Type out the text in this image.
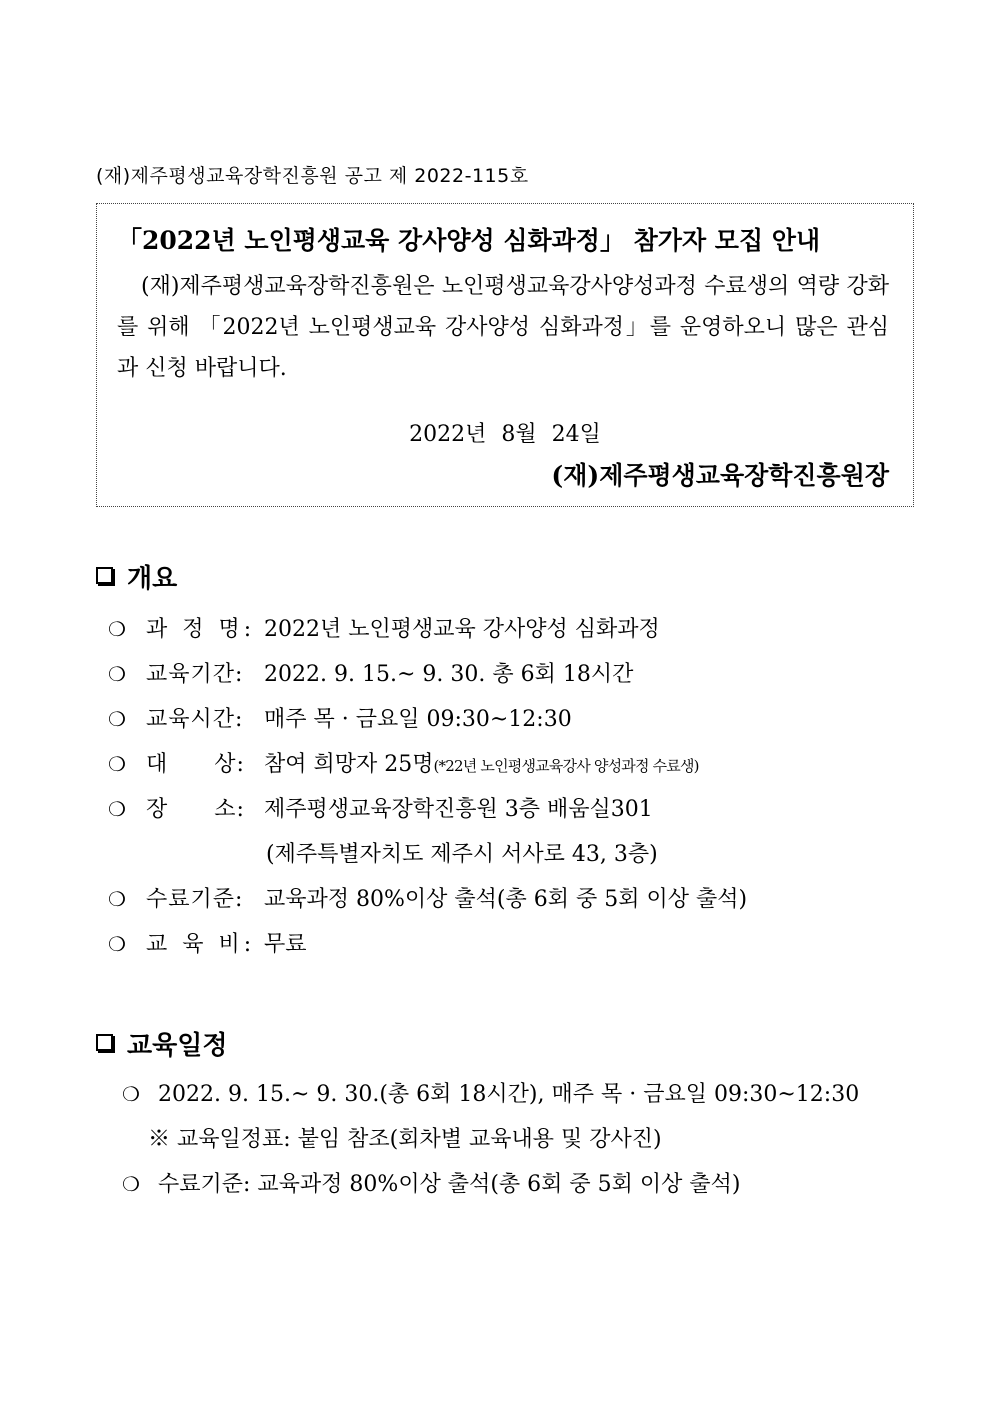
(재)제주평생교육장학진흥원 공고 제 2022-115호
「2022년 노인평생교육 강사양성 심화과정」 참가자 모집 안내
(재)제주평생교육장학진흥원은 노인평생교육강사양성과정 수료생의 역량 강화를 위해 「2022년 노인평생교육 강사양성 심화과정」를 운영하오니 많은 관심과 신청 바랍니다.
2022년 8월 24일
(재)제주평생교육장학진흥원장
개요
❍ 과 정 명: 2022년 노인평생교육 강사양성 심화과정
❍ 교육기간: 2022. 9. 15.~ 9. 30. 총 6회 18시간
❍ 교육시간: 매주 목 · 금요일 09:30~12:30
❍ 대 상: 참여 희망자 25명(*22년 노인평생교육강사 양성과정 수료생)
❍ 장 소: 제주평생교육장학진흥원 3층 배움실301
(제주특별자치도 제주시 서사로 43, 3층)
❍ 수료기준: 교육과정 80%이상 출석(총 6회 중 5회 이상 출석)
❍ 교 육 비: 무료
교육일정
❍ 2022. 9. 15.~ 9. 30.(총 6회 18시간), 매주 목 · 금요일 09:30~12:30
※ 교육일정표: 붙임 참조(회차별 교육내용 및 강사진)
❍ 수료기준: 교육과정 80%이상 출석(총 6회 중 5회 이상 출석)
